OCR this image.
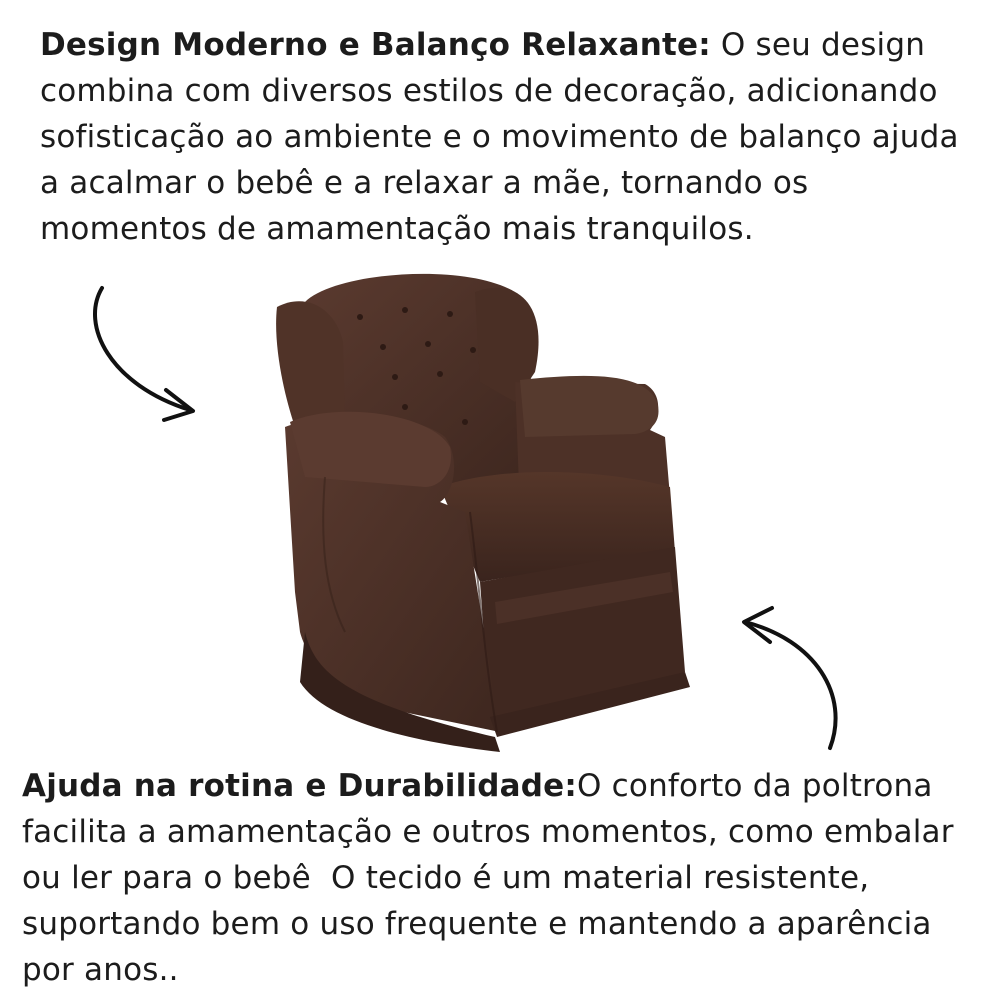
Design Moderno e Balanço Relaxante: O seu design
combina com diversos estilos de decoração, adicionando
sofisticação ao ambiente e o movimento de balanço ajuda
a acalmar o bebê e a relaxar a mãe, tornando os
momentos de amamentação mais tranquilos.
Ajuda na rotina e Durabilidade:O conforto da poltrona
facilita a amamentação e outros momentos, como embalar
ou ler para o bebê  O tecido é um material resistente,
suportando bem o uso frequente e mantendo a aparência
por anos..
